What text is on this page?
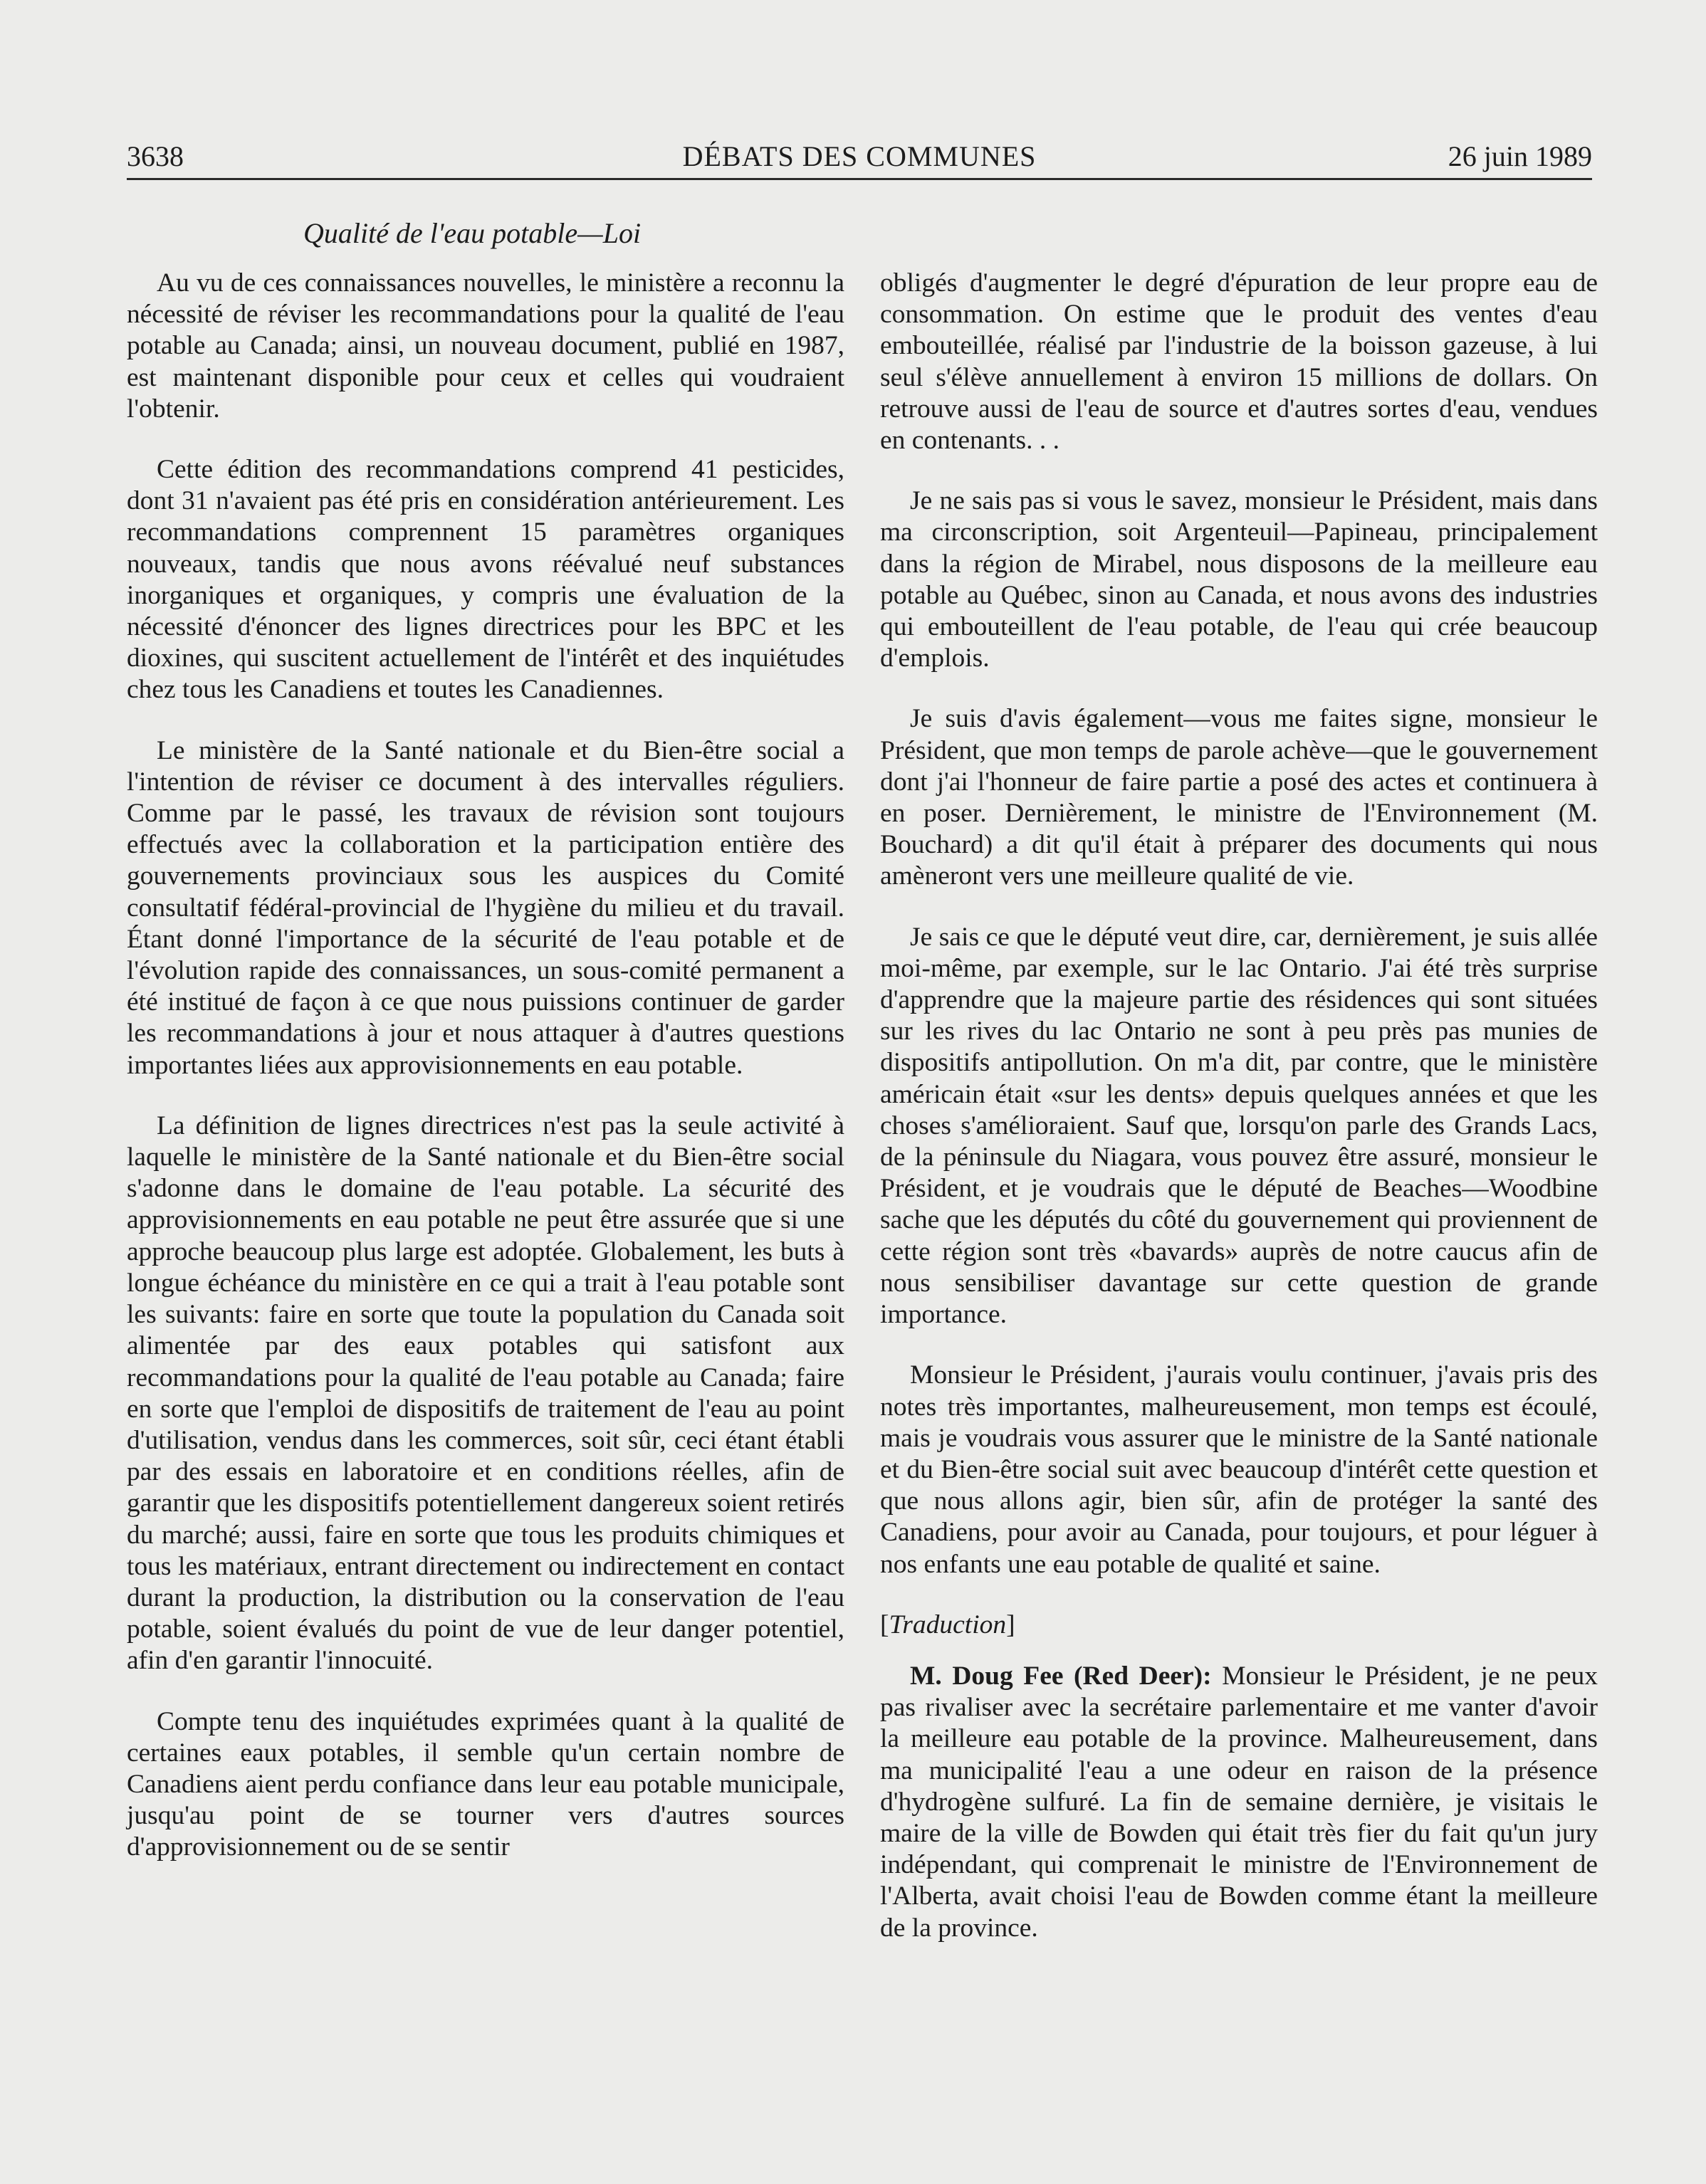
3638	DÉBATS DES COMMUNES	26 juin 1989
Qualité de l'eau potable—Loi

Au vu de ces connaissances nouvelles, le ministère a reconnu la nécessité de réviser les recommandations pour la qualité de l'eau potable au Canada; ainsi, un nouveau document, publié en 1987, est maintenant disponible pour ceux et celles qui voudraient l'obtenir.

Cette édition des recommandations comprend 41 pesticides, dont 31 n'avaient pas été pris en considération antérieurement. Les recommandations comprennent 15 paramètres organiques nouveaux, tandis que nous avons réévalué neuf substances inorganiques et organiques, y compris une évaluation de la nécessité d'énoncer des lignes directrices pour les BPC et les dioxines, qui suscitent actuellement de l'intérêt et des inquiétudes chez tous les Canadiens et toutes les Canadiennes.

Le ministère de la Santé nationale et du Bien-être social a l'intention de réviser ce document à des intervalles réguliers. Comme par le passé, les travaux de révision sont toujours effectués avec la collaboration et la participation entière des gouvernements provinciaux sous les auspices du Comité consultatif fédéral-provincial de l'hygiène du milieu et du travail. Étant donné l'importance de la sécurité de l'eau potable et de l'évolution rapide des connaissances, un sous-comité permanent a été institué de façon à ce que nous puissions continuer de garder les recommandations à jour et nous attaquer à d'autres questions importantes liées aux approvisionnements en eau potable.

La définition de lignes directrices n'est pas la seule activité à laquelle le ministère de la Santé nationale et du Bien-être social s'adonne dans le domaine de l'eau potable. La sécurité des approvisionnements en eau potable ne peut être assurée que si une approche beaucoup plus large est adoptée. Globalement, les buts à longue échéance du ministère en ce qui a trait à l'eau potable sont les suivants: faire en sorte que toute la population du Canada soit alimentée par des eaux potables qui satisfont aux recommandations pour la qualité de l'eau potable au Canada; faire en sorte que l'emploi de dispositifs de traitement de l'eau au point d'utilisation, vendus dans les commerces, soit sûr, ceci étant établi par des essais en laboratoire et en conditions réelles, afin de garantir que les dispositifs potentiellement dangereux soient retirés du marché; aussi, faire en sorte que tous les produits chimiques et tous les matériaux, entrant directement ou indirectement en contact durant la production, la distribution ou la conservation de l'eau potable, soient évalués du point de vue de leur danger potentiel, afin d'en garantir l'innocuité.

Compte tenu des inquiétudes exprimées quant à la qualité de certaines eaux potables, il semble qu'un certain nombre de Canadiens aient perdu confiance dans leur eau potable municipale, jusqu'au point de se tourner vers d'autres sources d'approvisionnement ou de se sentir

obligés d'augmenter le degré d'épuration de leur propre eau de consommation. On estime que le produit des ventes d'eau embouteillée, réalisé par l'industrie de la boisson gazeuse, à lui seul s'élève annuellement à environ 15 millions de dollars. On retrouve aussi de l'eau de source et d'autres sortes d'eau, vendues en contenants. . .

Je ne sais pas si vous le savez, monsieur le Président, mais dans ma circonscription, soit Argenteuil—Papineau, principalement dans la région de Mirabel, nous disposons de la meilleure eau potable au Québec, sinon au Canada, et nous avons des industries qui embouteillent de l'eau potable, de l'eau qui crée beaucoup d'emplois.

Je suis d'avis également—vous me faites signe, monsieur le Président, que mon temps de parole achève—que le gouvernement dont j'ai l'honneur de faire partie a posé des actes et continuera à en poser. Dernièrement, le ministre de l'Environnement (M. Bouchard) a dit qu'il était à préparer des documents qui nous amèneront vers une meilleure qualité de vie.

Je sais ce que le député veut dire, car, dernièrement, je suis allée moi-même, par exemple, sur le lac Ontario. J'ai été très surprise d'apprendre que la majeure partie des résidences qui sont situées sur les rives du lac Ontario ne sont à peu près pas munies de dispositifs antipollution. On m'a dit, par contre, que le ministère américain était «sur les dents» depuis quelques années et que les choses s'amélioraient. Sauf que, lorsqu'on parle des Grands Lacs, de la péninsule du Niagara, vous pouvez être assuré, monsieur le Président, et je voudrais que le député de Beaches—Woodbine sache que les députés du côté du gouvernement qui proviennent de cette région sont très «bavards» auprès de notre caucus afin de nous sensibiliser davantage sur cette question de grande importance.

Monsieur le Président, j'aurais voulu continuer, j'avais pris des notes très importantes, malheureusement, mon temps est écoulé, mais je voudrais vous assurer que le ministre de la Santé nationale et du Bien-être social suit avec beaucoup d'intérêt cette question et que nous allons agir, bien sûr, afin de protéger la santé des Canadiens, pour avoir au Canada, pour toujours, et pour léguer à nos enfants une eau potable de qualité et saine.

[Traduction]

M. Doug Fee (Red Deer): Monsieur le Président, je ne peux pas rivaliser avec la secrétaire parlementaire et me vanter d'avoir la meilleure eau potable de la province. Malheureusement, dans ma municipalité l'eau a une odeur en raison de la présence d'hydrogène sulfuré. La fin de semaine dernière, je visitais le maire de la ville de Bowden qui était très fier du fait qu'un jury indépendant, qui comprenait le ministre de l'Environnement de l'Alberta, avait choisi l'eau de Bowden comme étant la meilleure de la province.
